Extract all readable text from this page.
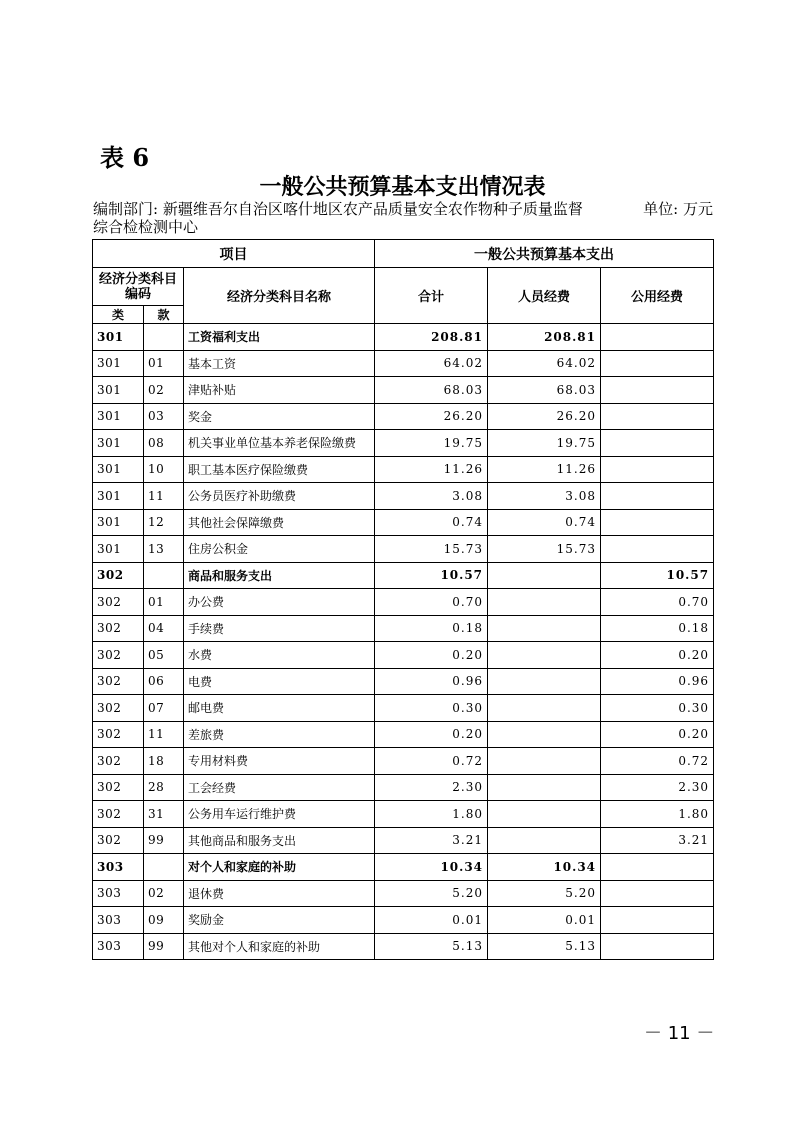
表 6
一般公共预算基本支出情况表
编制部门: 新疆维吾尔自治区喀什地区农产品质量安全农作物种子质量监督	单位: 万元
综合检检测中心
项目			一般公共预算基本支出		
经济分类科目编码		经济分类科目名称	合计	人员经费	公用经费
类	款				
301		工资福利支出	208.81	208.81	
301	01	基本工资	64.02	64.02	
301	02	津贴补贴	68.03	68.03	
301	03	奖金	26.20	26.20	
301	08	机关事业单位基本养老保险缴费	19.75	19.75	
301	10	职工基本医疗保险缴费	11.26	11.26	
301	11	公务员医疗补助缴费	3.08	3.08	
301	12	其他社会保障缴费	0.74	0.74	
301	13	住房公积金	15.73	15.73	
302		商品和服务支出	10.57		10.57
302	01	办公费	0.70		0.70
302	04	手续费	0.18		0.18
302	05	水费	0.20		0.20
302	06	电费	0.96		0.96
302	07	邮电费	0.30		0.30
302	11	差旅费	0.20		0.20
302	18	专用材料费	0.72		0.72
302	28	工会经费	2.30		2.30
302	31	公务用车运行维护费	1.80		1.80
302	99	其他商品和服务支出	3.21		3.21
303		对个人和家庭的补助	10.34	10.34	
303	02	退休费	5.20	5.20	
303	09	奖励金	0.01	0.01	
303	99	其他对个人和家庭的补助	5.13	5.13	
－ 11 －
